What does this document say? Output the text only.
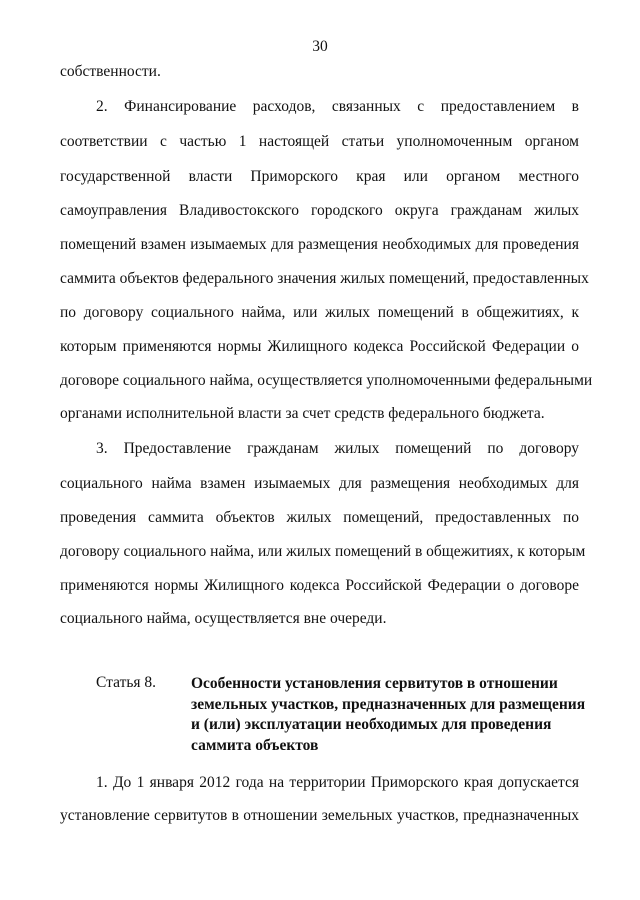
30
собственности.
2. Финансирование расходов, связанных с предоставлением в
соответствии с частью 1 настоящей статьи уполномоченным органом
государственной власти Приморского края или органом местного
самоуправления Владивостокского городского округа гражданам жилых
помещений взамен изымаемых для размещения необходимых для проведения
саммита объектов федерального значения жилых помещений, предоставленных
по договору социального найма, или жилых помещений в общежитиях, к
которым применяются нормы Жилищного кодекса Российской Федерации о
договоре социального найма, осуществляется уполномоченными федеральными
органами исполнительной власти за счет средств федерального бюджета.
3. Предоставление гражданам жилых помещений по договору
социального найма взамен изымаемых для размещения необходимых для
проведения саммита объектов жилых помещений, предоставленных по
договору социального найма, или жилых помещений в общежитиях, к которым
применяются нормы Жилищного кодекса Российской Федерации о договоре
социального найма, осуществляется вне очереди.
Статья 8. Особенности установления сервитутов в отношении
земельных участков, предназначенных для размещения
и (или) эксплуатации необходимых для проведения
саммита объектов
1. До 1 января 2012 года на территории Приморского края допускается
установление сервитутов в отношении земельных участков, предназначенных
